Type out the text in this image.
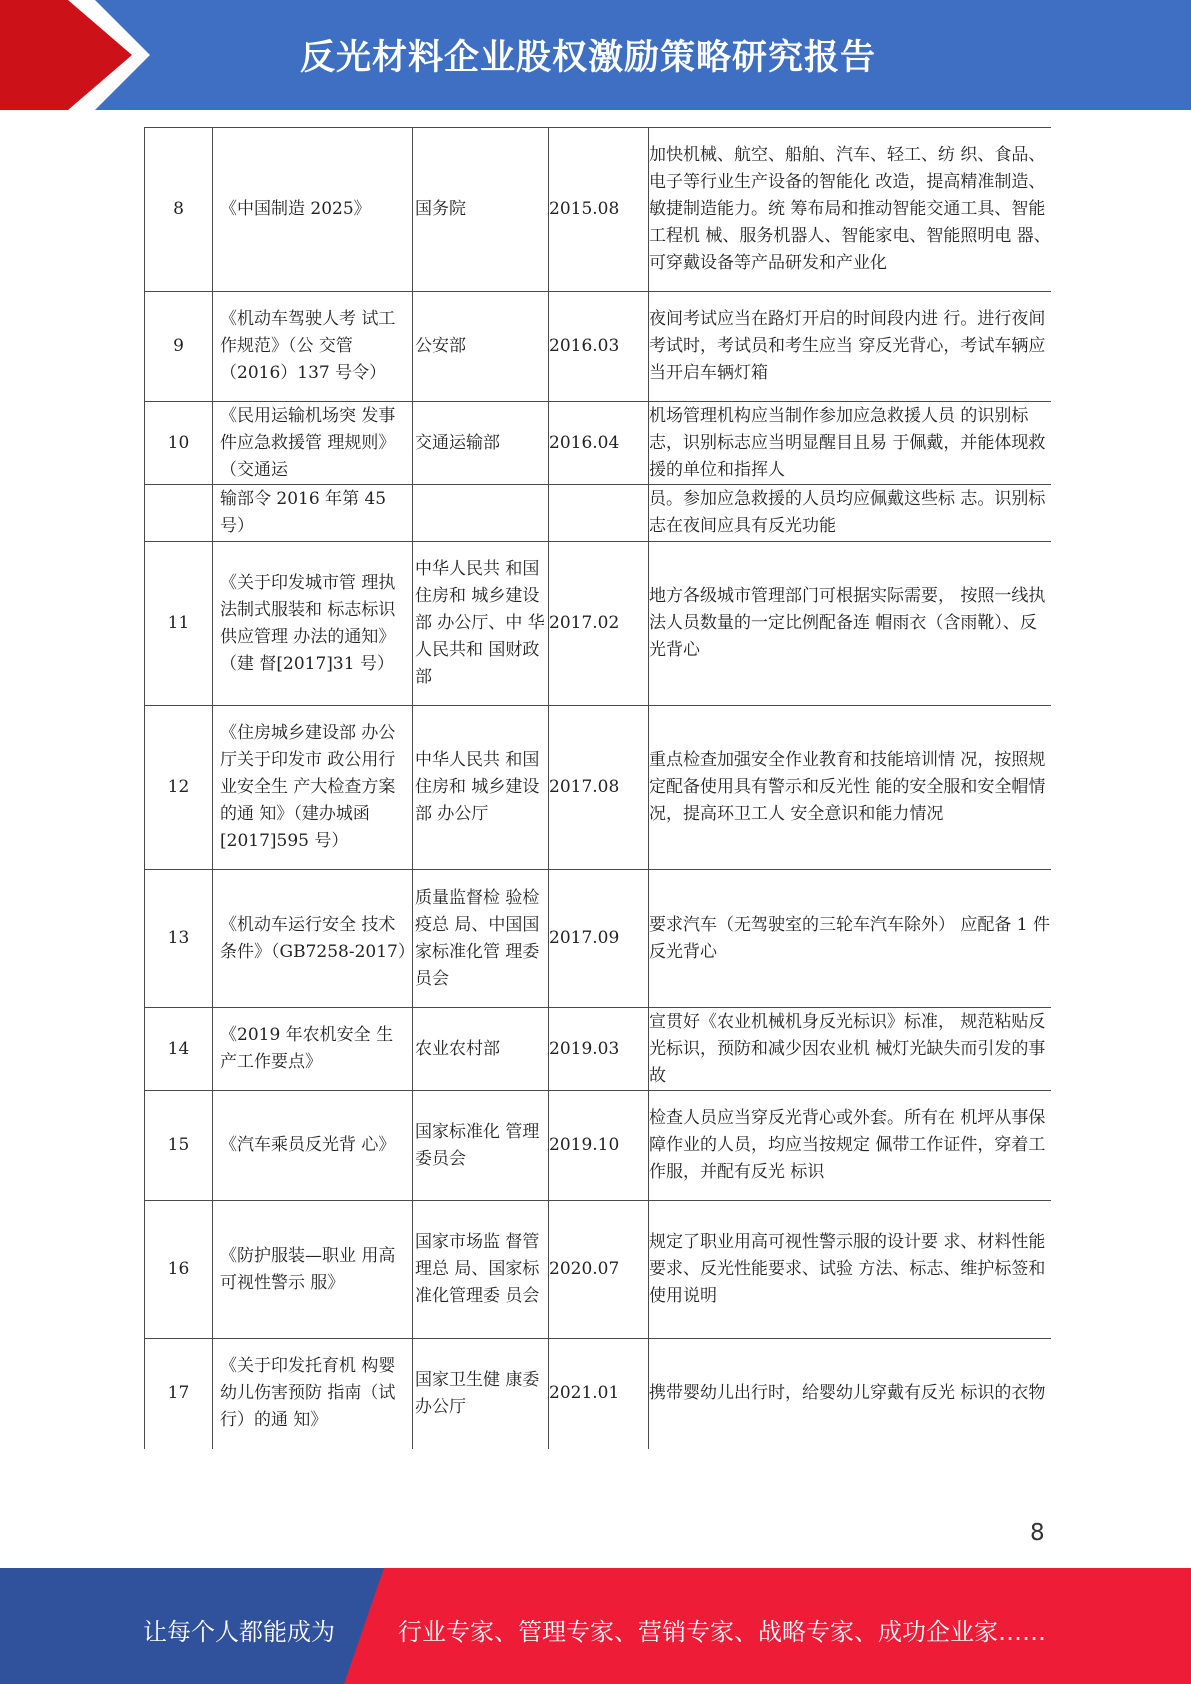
反光材料企业股权激励策略研究报告
8	《中国制造 2025》	国务院	2015.08	加快机械、航空、船舶、汽车、轻工、纺 织、食品、电子等行业生产设备的智能化 改造，提高精准制造、敏捷制造能力。统 筹布局和推动智能交通工具、智能工程机 械、服务机器人、智能家电、智能照明电 器、可穿戴设备等产品研发和产业化
9	《机动车驾驶人考 试工作规范》（公 交管（2016）137 号令）	公安部	2016.03	夜间考试应当在路灯开启的时间段内进 行。进行夜间考试时，考试员和考生应当 穿反光背心，考试车辆应当开启车辆灯箱
10	《民用运输机场突 发事件应急救援管 理规则》（交通运	交通运输部	2016.04	机场管理机构应当制作参加应急救援人员 的识别标志，识别标志应当明显醒目且易 于佩戴，并能体现救援的单位和指挥人
	输部令 2016 年第 45 号）			员。参加应急救援的人员均应佩戴这些标 志。识别标志在夜间应具有反光功能
11	《关于印发城市管 理执法制式服装和 标志标识供应管理 办法的通知》（建 督[2017]31 号）	中华人民共 和国住房和 城乡建设部 办公厅、中 华人民共和 国财政部	2017.02	地方各级城市管理部门可根据实际需要， 按照一线执法人员数量的一定比例配备连 帽雨衣（含雨靴）、反光背心
12	《住房城乡建设部 办公厅关于印发市 政公用行业安全生 产大检查方案的通 知》（建办城函 [2017]595 号）	中华人民共 和国住房和 城乡建设部 办公厅	2017.08	重点检查加强安全作业教育和技能培训情 况，按照规定配备使用具有警示和反光性 能的安全服和安全帽情况，提高环卫工人 安全意识和能力情况
13	《机动车运行安全 技术条件》（GB7258-2017）	质量监督检 验检疫总 局、中国国 家标准化管 理委员会	2017.09	要求汽车（无驾驶室的三轮车汽车除外） 应配备 1 件反光背心
14	《2019 年农机安全 生产工作要点》	农业农村部	2019.03	宣贯好《农业机械机身反光标识》标准， 规范粘贴反光标识，预防和减少因农业机 械灯光缺失而引发的事故
15	《汽车乘员反光背 心》	国家标准化 管理委员会	2019.10	检查人员应当穿反光背心或外套。所有在 机坪从事保障作业的人员，均应当按规定 佩带工作证件，穿着工作服，并配有反光 标识
16	《防护服装—职业 用高可视性警示 服》	国家市场监 督管理总 局、国家标 准化管理委 员会	2020.07	规定了职业用高可视性警示服的设计要 求、材料性能要求、反光性能要求、试验 方法、标志、维护标签和使用说明
17	《关于印发托育机 构婴幼儿伤害预防 指南（试行）的通 知》	国家卫生健 康委办公厅	2021.01	携带婴幼儿出行时，给婴幼儿穿戴有反光 标识的衣物
8
让每个人都能成为	行业专家、管理专家、营销专家、战略专家、成功企业家……
